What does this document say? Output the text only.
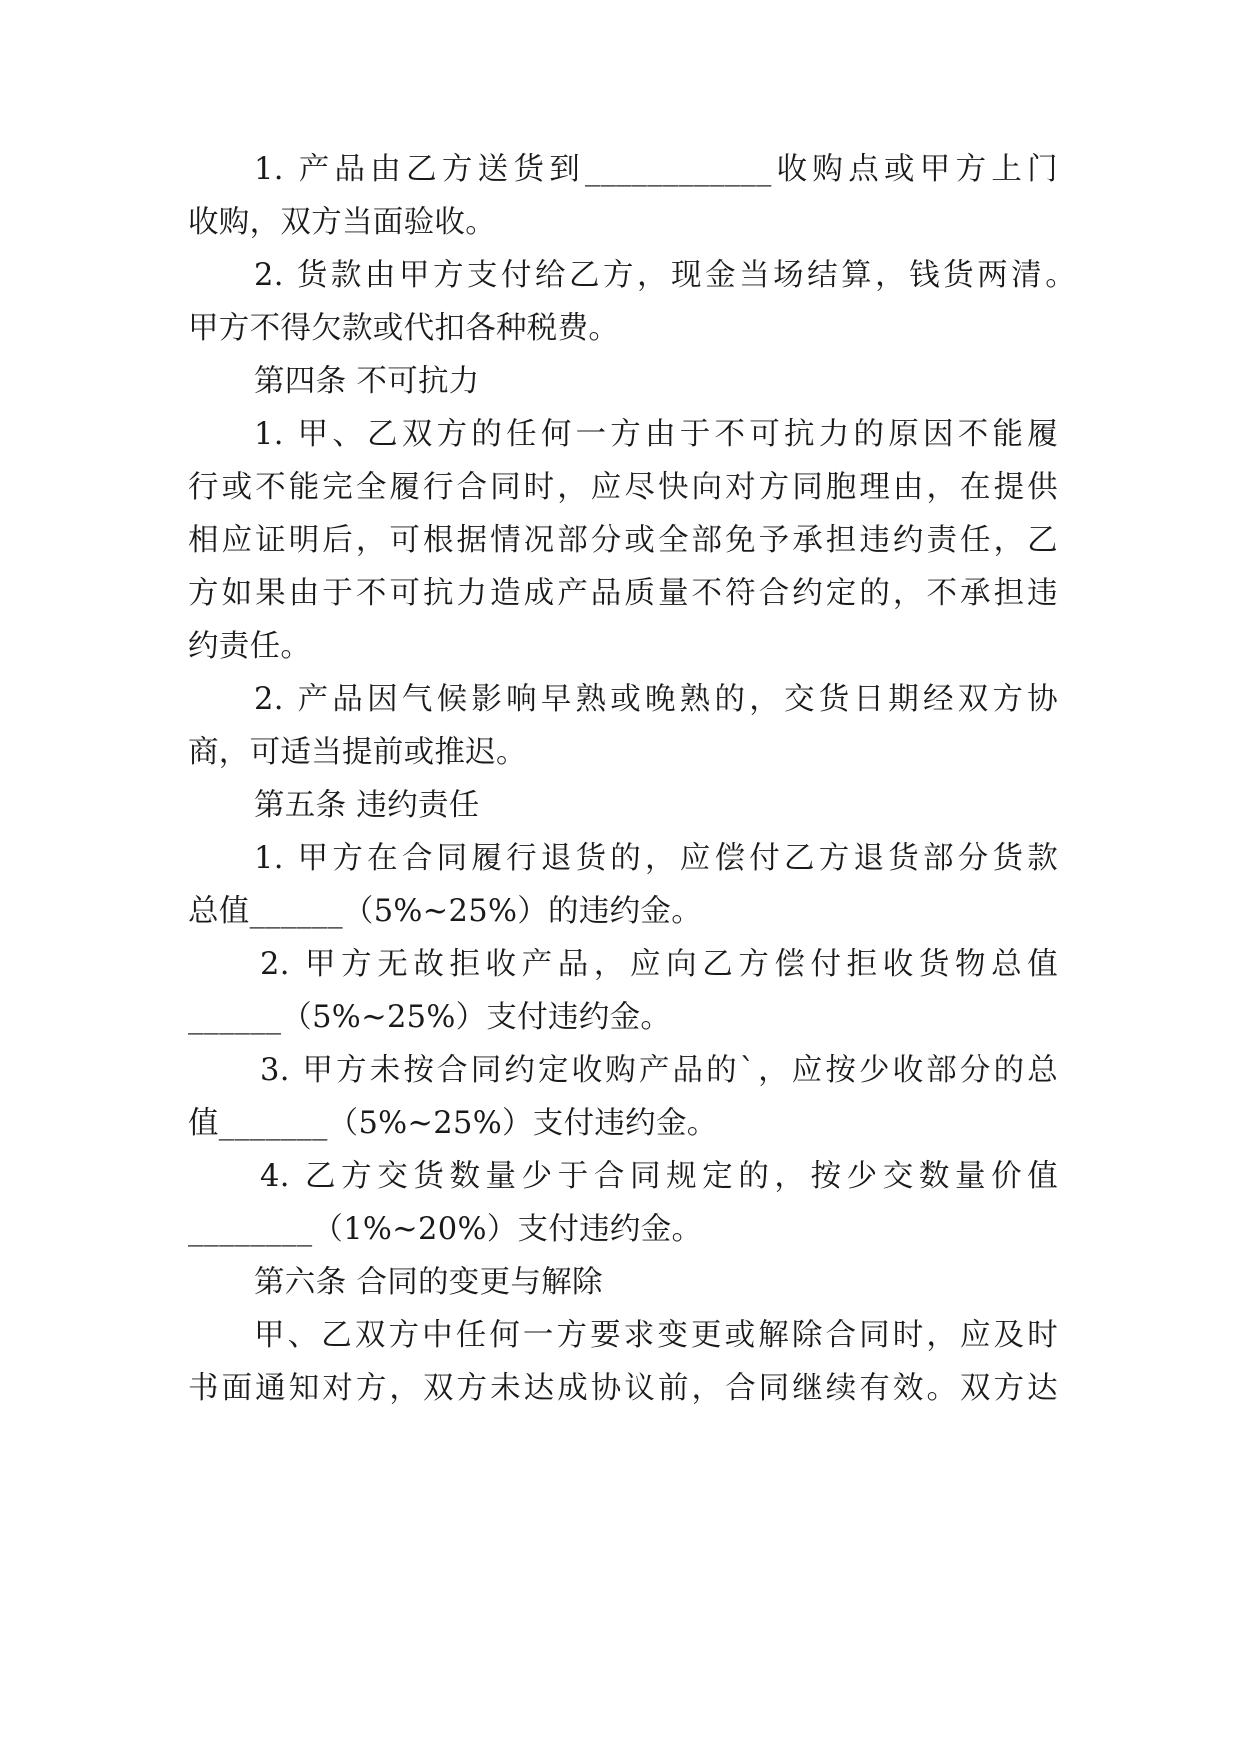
1. 产品由乙方送货到____________收购点或甲方上门
收购，双方当面验收。
2. 货款由甲方支付给乙方，现金当场结算，钱货两清。
甲方不得欠款或代扣各种税费。
第四条 不可抗力
1. 甲、乙双方的任何一方由于不可抗力的原因不能履
行或不能完全履行合同时，应尽快向对方同胞理由，在提供
相应证明后，可根据情况部分或全部免予承担违约责任，乙
方如果由于不可抗力造成产品质量不符合约定的，不承担违
约责任。
2. 产品因气候影响早熟或晚熟的，交货日期经双方协
商，可适当提前或推迟。
第五条 违约责任
1. 甲方在合同履行退货的，应偿付乙方退货部分货款
总值______（5%~25%）的违约金。
2. 甲方无故拒收产品，应向乙方偿付拒收货物总值
______（5%~25%）支付违约金。
3. 甲方未按合同约定收购产品的`，应按少收部分的总
值_______（5%~25%）支付违约金。
4. 乙方交货数量少于合同规定的，按少交数量价值
________（1%~20%）支付违约金。
第六条 合同的变更与解除
甲、乙双方中任何一方要求变更或解除合同时，应及时
书面通知对方，双方未达成协议前，合同继续有效。双方达
